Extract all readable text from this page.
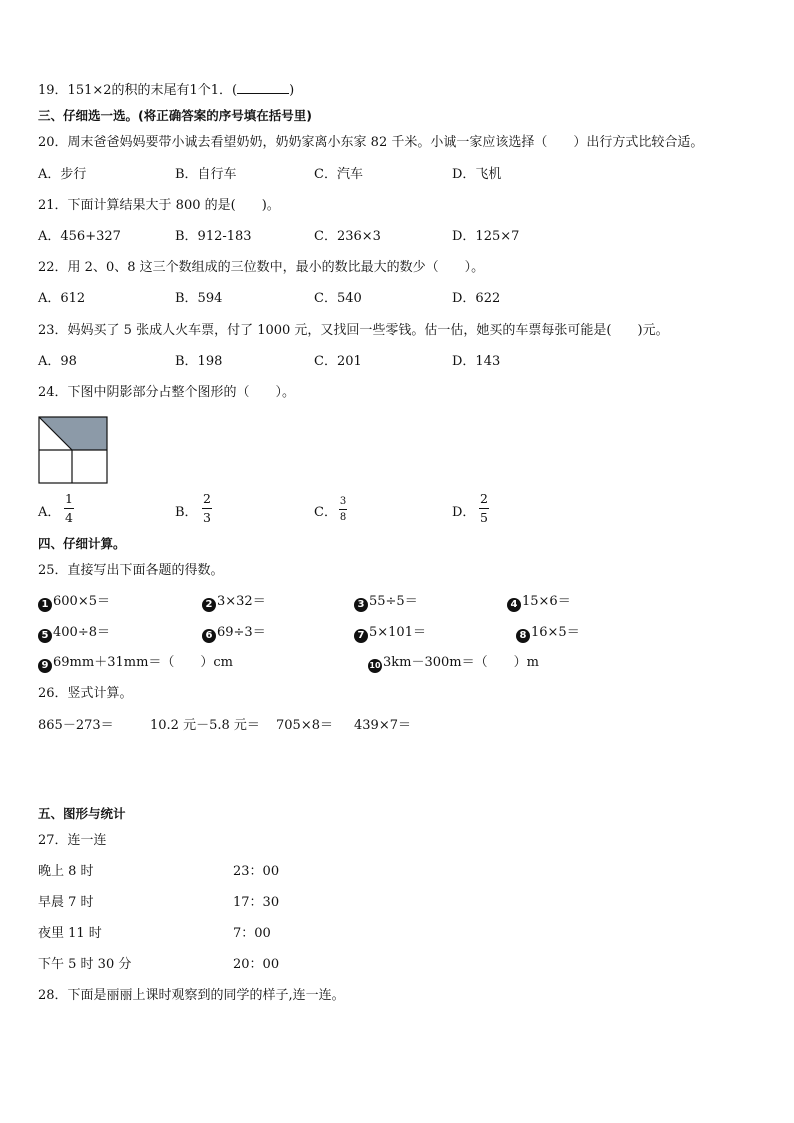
19．151×2的积的末尾有1个1．(	)
三、仔细选一选。(将正确答案的序号填在括号里)
20．周末爸爸妈妈要带小诚去看望奶奶，奶奶家离小东家 82 千米。小诚一家应该选择（　　）出行方式比较合适。
A．步行	B．自行车	C．汽车	D．飞机
21．下面计算结果大于 800 的是(　　)。
A．456+327	B．912-183	C．236×3	D．125×7
22．用 2、0、8 这三个数组成的三位数中，最小的数比最大的数少（　　）。
A．612	B．594	C．540	D．622
23．妈妈买了 5 张成人火车票，付了 1000 元，又找回一些零钱。估一估，她买的车票每张可能是(　　)元。
A．98	B．198	C．201	D．143
24．下图中阴影部分占整个图形的（　　）。
A．
1
4	B．
2
3	C．
3
8	D．
2
5
四、仔细计算。
25．直接写出下面各题的得数。
1 600×5＝	2 3×32＝	3 55÷5＝	4 15×6＝
5 400÷8＝	6 69÷3＝	7 5×101＝	8 16×5＝
9 69mm＋31mm＝（　　）cm	10 3km－300m＝（　　）m
26．竖式计算。
865－273＝	10.2 元－5.8 元＝ 705×8＝ 439×7＝
五、图形与统计
27．连一连
晚上 8 时	23：00
早晨 7 时	17：30
夜里 11 时	7：00
下午 5 时 30 分	20：00
28．下面是丽丽上课时观察到的同学的样子,连一连。
